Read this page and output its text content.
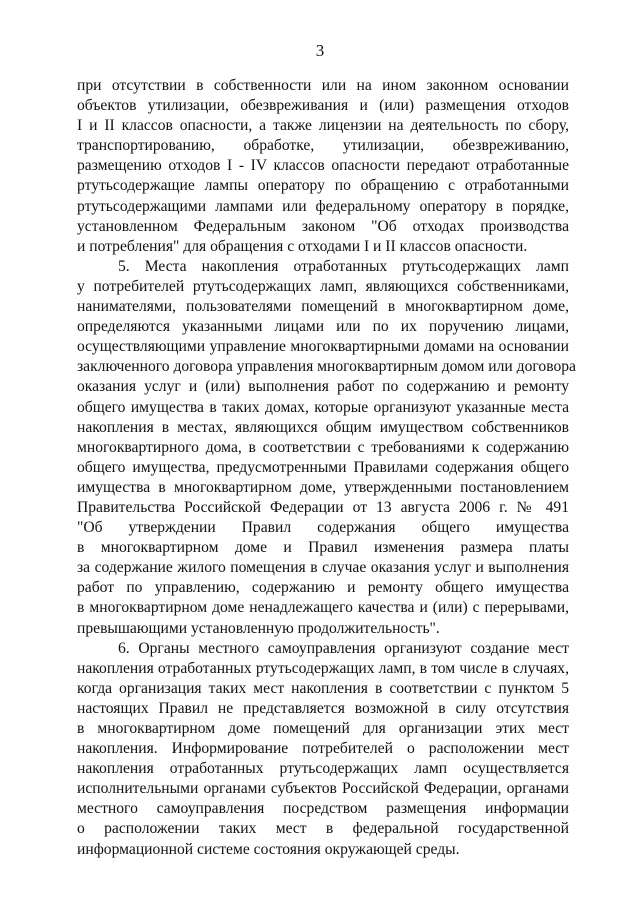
3
при отсутствии в собственности или на ином законном основании
объектов утилизации, обезвреживания и (или) размещения отходов
I и II классов опасности, а также лицензии на деятельность по сбору,
транспортированию, обработке, утилизации, обезвреживанию,
размещению отходов I - IV классов опасности передают отработанные
ртутьсодержащие лампы оператору по обращению с отработанными
ртутьсодержащими лампами или федеральному оператору в порядке,
установленном Федеральным законом "Об отходах производства
и потребления" для обращения с отходами I и II классов опасности.
5. Места накопления отработанных ртутьсодержащих ламп
у потребителей ртутьсодержащих ламп, являющихся собственниками,
нанимателями, пользователями помещений в многоквартирном доме,
определяются указанными лицами или по их поручению лицами,
осуществляющими управление многоквартирными домами на основании
заключенного договора управления многоквартирным домом или договора
оказания услуг и (или) выполнения работ по содержанию и ремонту
общего имущества в таких домах, которые организуют указанные места
накопления в местах, являющихся общим имуществом собственников
многоквартирного дома, в соответствии с требованиями к содержанию
общего имущества, предусмотренными Правилами содержания общего
имущества в многоквартирном доме, утвержденными постановлением
Правительства Российской Федерации от 13 августа 2006 г. № 491
"Об утверждении Правил содержания общего имущества
в многоквартирном доме и Правил изменения размера платы
за содержание жилого помещения в случае оказания услуг и выполнения
работ по управлению, содержанию и ремонту общего имущества
в многоквартирном доме ненадлежащего качества и (или) с перерывами,
превышающими установленную продолжительность".
6. Органы местного самоуправления организуют создание мест
накопления отработанных ртутьсодержащих ламп, в том числе в случаях,
когда организация таких мест накопления в соответствии с пунктом 5
настоящих Правил не представляется возможной в силу отсутствия
в многоквартирном доме помещений для организации этих мест
накопления. Информирование потребителей о расположении мест
накопления отработанных ртутьсодержащих ламп осуществляется
исполнительными органами субъектов Российской Федерации, органами
местного самоуправления посредством размещения информации
о расположении таких мест в федеральной государственной
информационной системе состояния окружающей среды.
